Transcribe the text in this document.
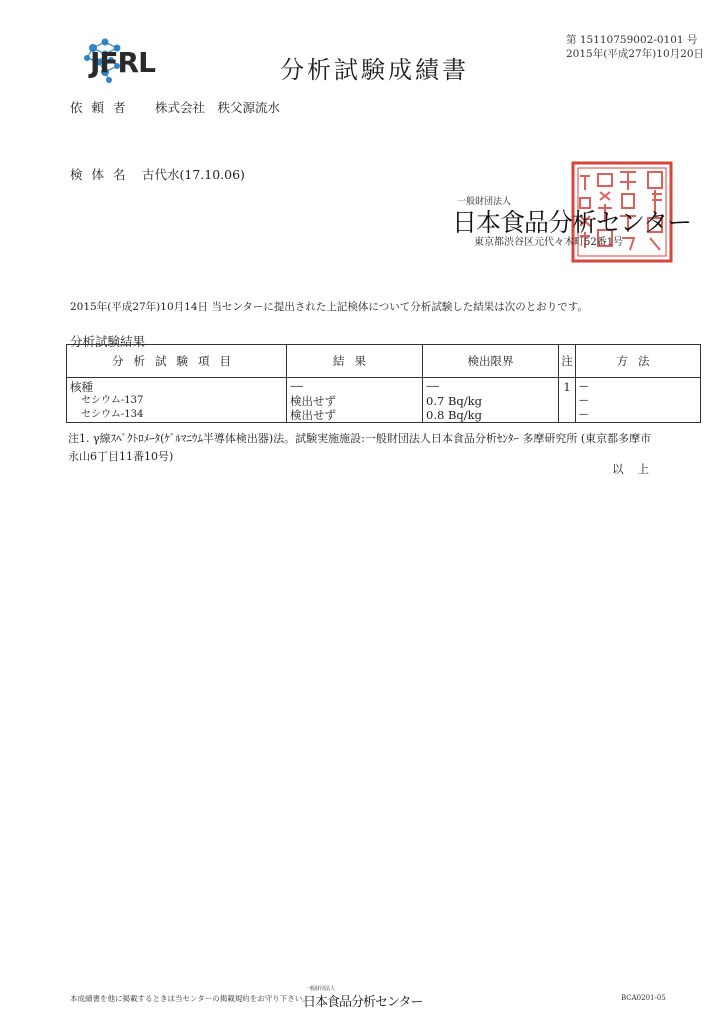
JFRL	分析試験成績書
第 15110759002-0101 号
2015年(平成27年)10月20日
依頼者 株式会社　秩父源流水
検体名 古代水(17.10.06)
一般財団法人
日本食品分析センター
東京都渋谷区元代々木町52番1号
2015年(平成27年)10月14日 当センターに提出された上記検体について分析試験した結果は次のとおりです。
分析試験結果
分析試験項目	結果	検出限界	注	方法
核種	------	------	1	----
セシウム-137	検出せず	0.7 Bq/kg		----
セシウム-134	検出せず	0.8 Bq/kg		----
注1. γ線ｽﾍﾟｸﾄﾛﾒｰﾀ(ｹﾞﾙﾏﾆｳﾑ半導体検出器)法。試験実施施設:一般財団法人日本食品分析ｾﾝﾀｰ 多摩研究所 (東京都多摩市
永山6丁目11番10号)
以上
本成績書を他に掲載するときは当センターの掲載規約をお守り下さい。
一般財団法人
日本食品分析センター	BCA0201-05
